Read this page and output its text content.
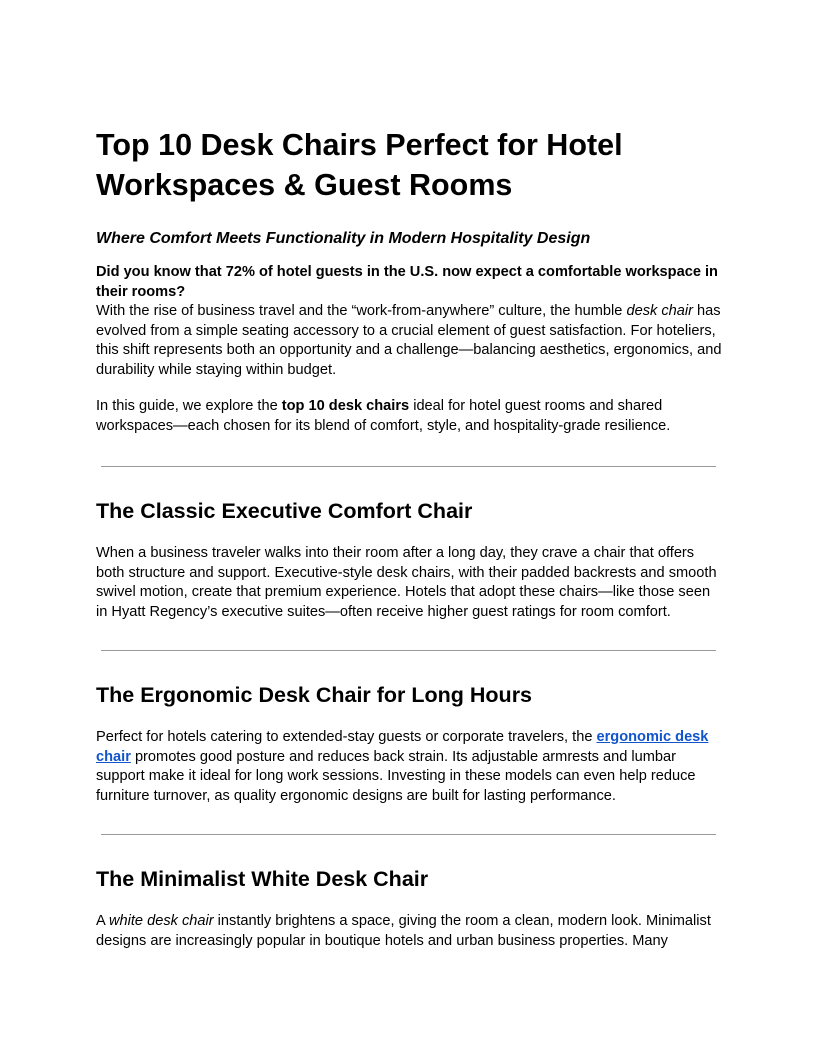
Top 10 Desk Chairs Perfect for Hotel
Workspaces & Guest Rooms
Where Comfort Meets Functionality in Modern Hospitality Design

Did you know that 72% of hotel guests in the U.S. now expect a comfortable workspace in their rooms?

With the rise of business travel and the “work-from-anywhere” culture, the humble desk chair has evolved from a simple seating accessory to a crucial element of guest satisfaction. For hoteliers, this shift represents both an opportunity and a challenge—balancing aesthetics, ergonomics, and durability while staying within budget.

In this guide, we explore the top 10 desk chairs ideal for hotel guest rooms and shared workspaces—each chosen for its blend of comfort, style, and hospitality-grade resilience.

The Classic Executive Comfort Chair

When a business traveler walks into their room after a long day, they crave a chair that offers both structure and support. Executive-style desk chairs, with their padded backrests and smooth swivel motion, create that premium experience. Hotels that adopt these chairs—like those seen in Hyatt Regency’s executive suites—often receive higher guest ratings for room comfort.

The Ergonomic Desk Chair for Long Hours

Perfect for hotels catering to extended-stay guests or corporate travelers, the ergonomic desk chair promotes good posture and reduces back strain. Its adjustable armrests and lumbar support make it ideal for long work sessions. Investing in these models can even help reduce furniture turnover, as quality ergonomic designs are built for lasting performance.

The Minimalist White Desk Chair

A white desk chair instantly brightens a space, giving the room a clean, modern look. Minimalist designs are increasingly popular in boutique hotels and urban business properties. Many
